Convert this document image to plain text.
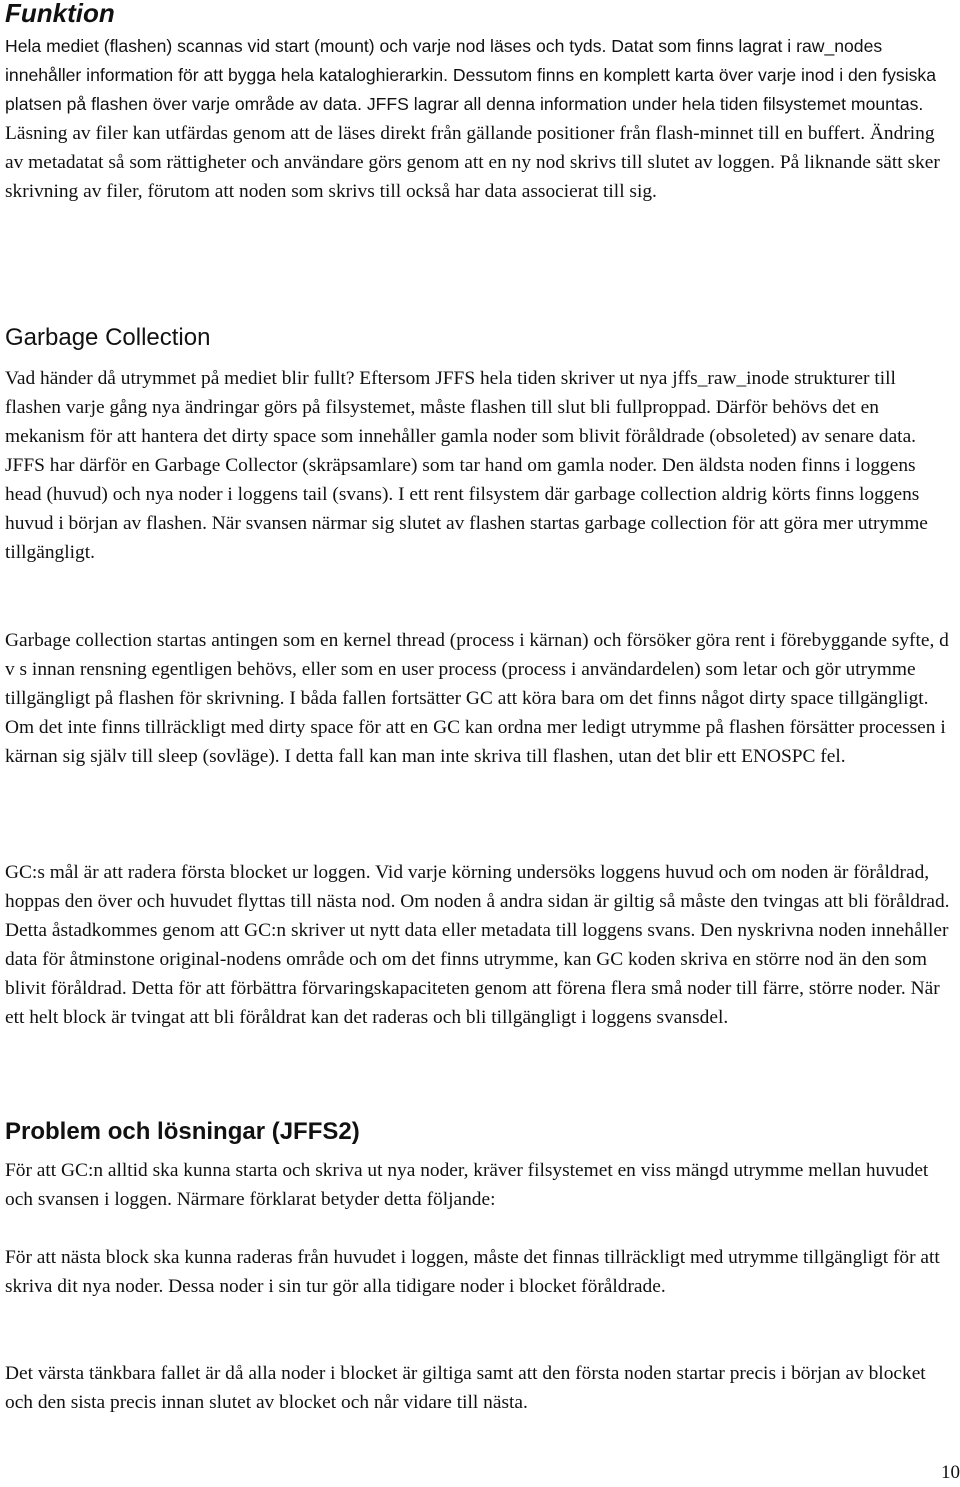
Funktion

Hela mediet (flashen) scannas vid start (mount) och varje nod läses och tyds. Datat som finns lagrat i raw_nodes innehåller information för att bygga hela kataloghierarkin. Dessutom finns en komplett karta över varje inod i den fysiska platsen på flashen över varje område av data. JFFS lagrar all denna information under hela tiden filsystemet mountas. Läsning av filer kan utfärdas genom att de läses direkt från gällande positioner från flash-minnet till en buffert. Ändring av metadatat så som rättigheter och användare görs genom att en ny nod skrivs till slutet av loggen. På liknande sätt sker skrivning av filer, förutom att noden som skrivs till också har data associerat till sig.

Garbage Collection

Vad händer då utrymmet på mediet blir fullt? Eftersom JFFS hela tiden skriver ut nya jffs_raw_inode strukturer till flashen varje gång nya ändringar görs på filsystemet, måste flashen till slut bli fullproppad. Därför behövs det en mekanism för att hantera det dirty space som innehåller gamla noder som blivit föråldrade (obsoleted) av senare data. JFFS har därför en Garbage Collector (skräpsamlare) som tar hand om gamla noder. Den äldsta noden finns i loggens head (huvud) och nya noder i loggens tail (svans). I ett rent filsystem där garbage collection aldrig körts finns loggens huvud i början av flashen. När svansen närmar sig slutet av flashen startas garbage collection för att göra mer utrymme tillgängligt.

Garbage collection startas antingen som en kernel thread (process i kärnan) och försöker göra rent i förebyggande syfte, d v s innan rensning egentligen behövs, eller som en user process (process i användardelen) som letar och gör utrymme tillgängligt på flashen för skrivning. I båda fallen fortsätter GC att köra bara om det finns något dirty space tillgängligt. Om det inte finns tillräckligt med dirty space för att en GC kan ordna mer ledigt utrymme på flashen försätter processen i kärnan sig själv till sleep (sovläge). I detta fall kan man inte skriva till flashen, utan det blir ett ENOSPC fel.

GC:s mål är att radera första blocket ur loggen. Vid varje körning undersöks loggens huvud och om noden är föråldrad, hoppas den över och huvudet flyttas till nästa nod. Om noden å andra sidan är giltig så måste den tvingas att bli föråldrad. Detta åstadkommes genom att GC:n skriver ut nytt data eller metadata till loggens svans. Den nyskrivna noden innehåller data för åtminstone original-nodens område och om det finns utrymme, kan GC koden skriva en större nod än den som blivit föråldrad. Detta för att förbättra förvaringskapaciteten genom att förena flera små noder till färre, större noder. När ett helt block är tvingat att bli föråldrat kan det raderas och bli tillgängligt i loggens svansdel.

Problem och lösningar (JFFS2)

För att GC:n alltid ska kunna starta och skriva ut nya noder, kräver filsystemet en viss mängd utrymme mellan huvudet och svansen i loggen. Närmare förklarat betyder detta följande:

För att nästa block ska kunna raderas från huvudet i loggen, måste det finnas tillräckligt med utrymme tillgängligt för att skriva dit nya noder. Dessa noder i sin tur gör alla tidigare noder i blocket föråldrade.

Det värsta tänkbara fallet är då alla noder i blocket är giltiga samt att den första noden startar precis i början av blocket och den sista precis innan slutet av blocket och når vidare till nästa.

10
